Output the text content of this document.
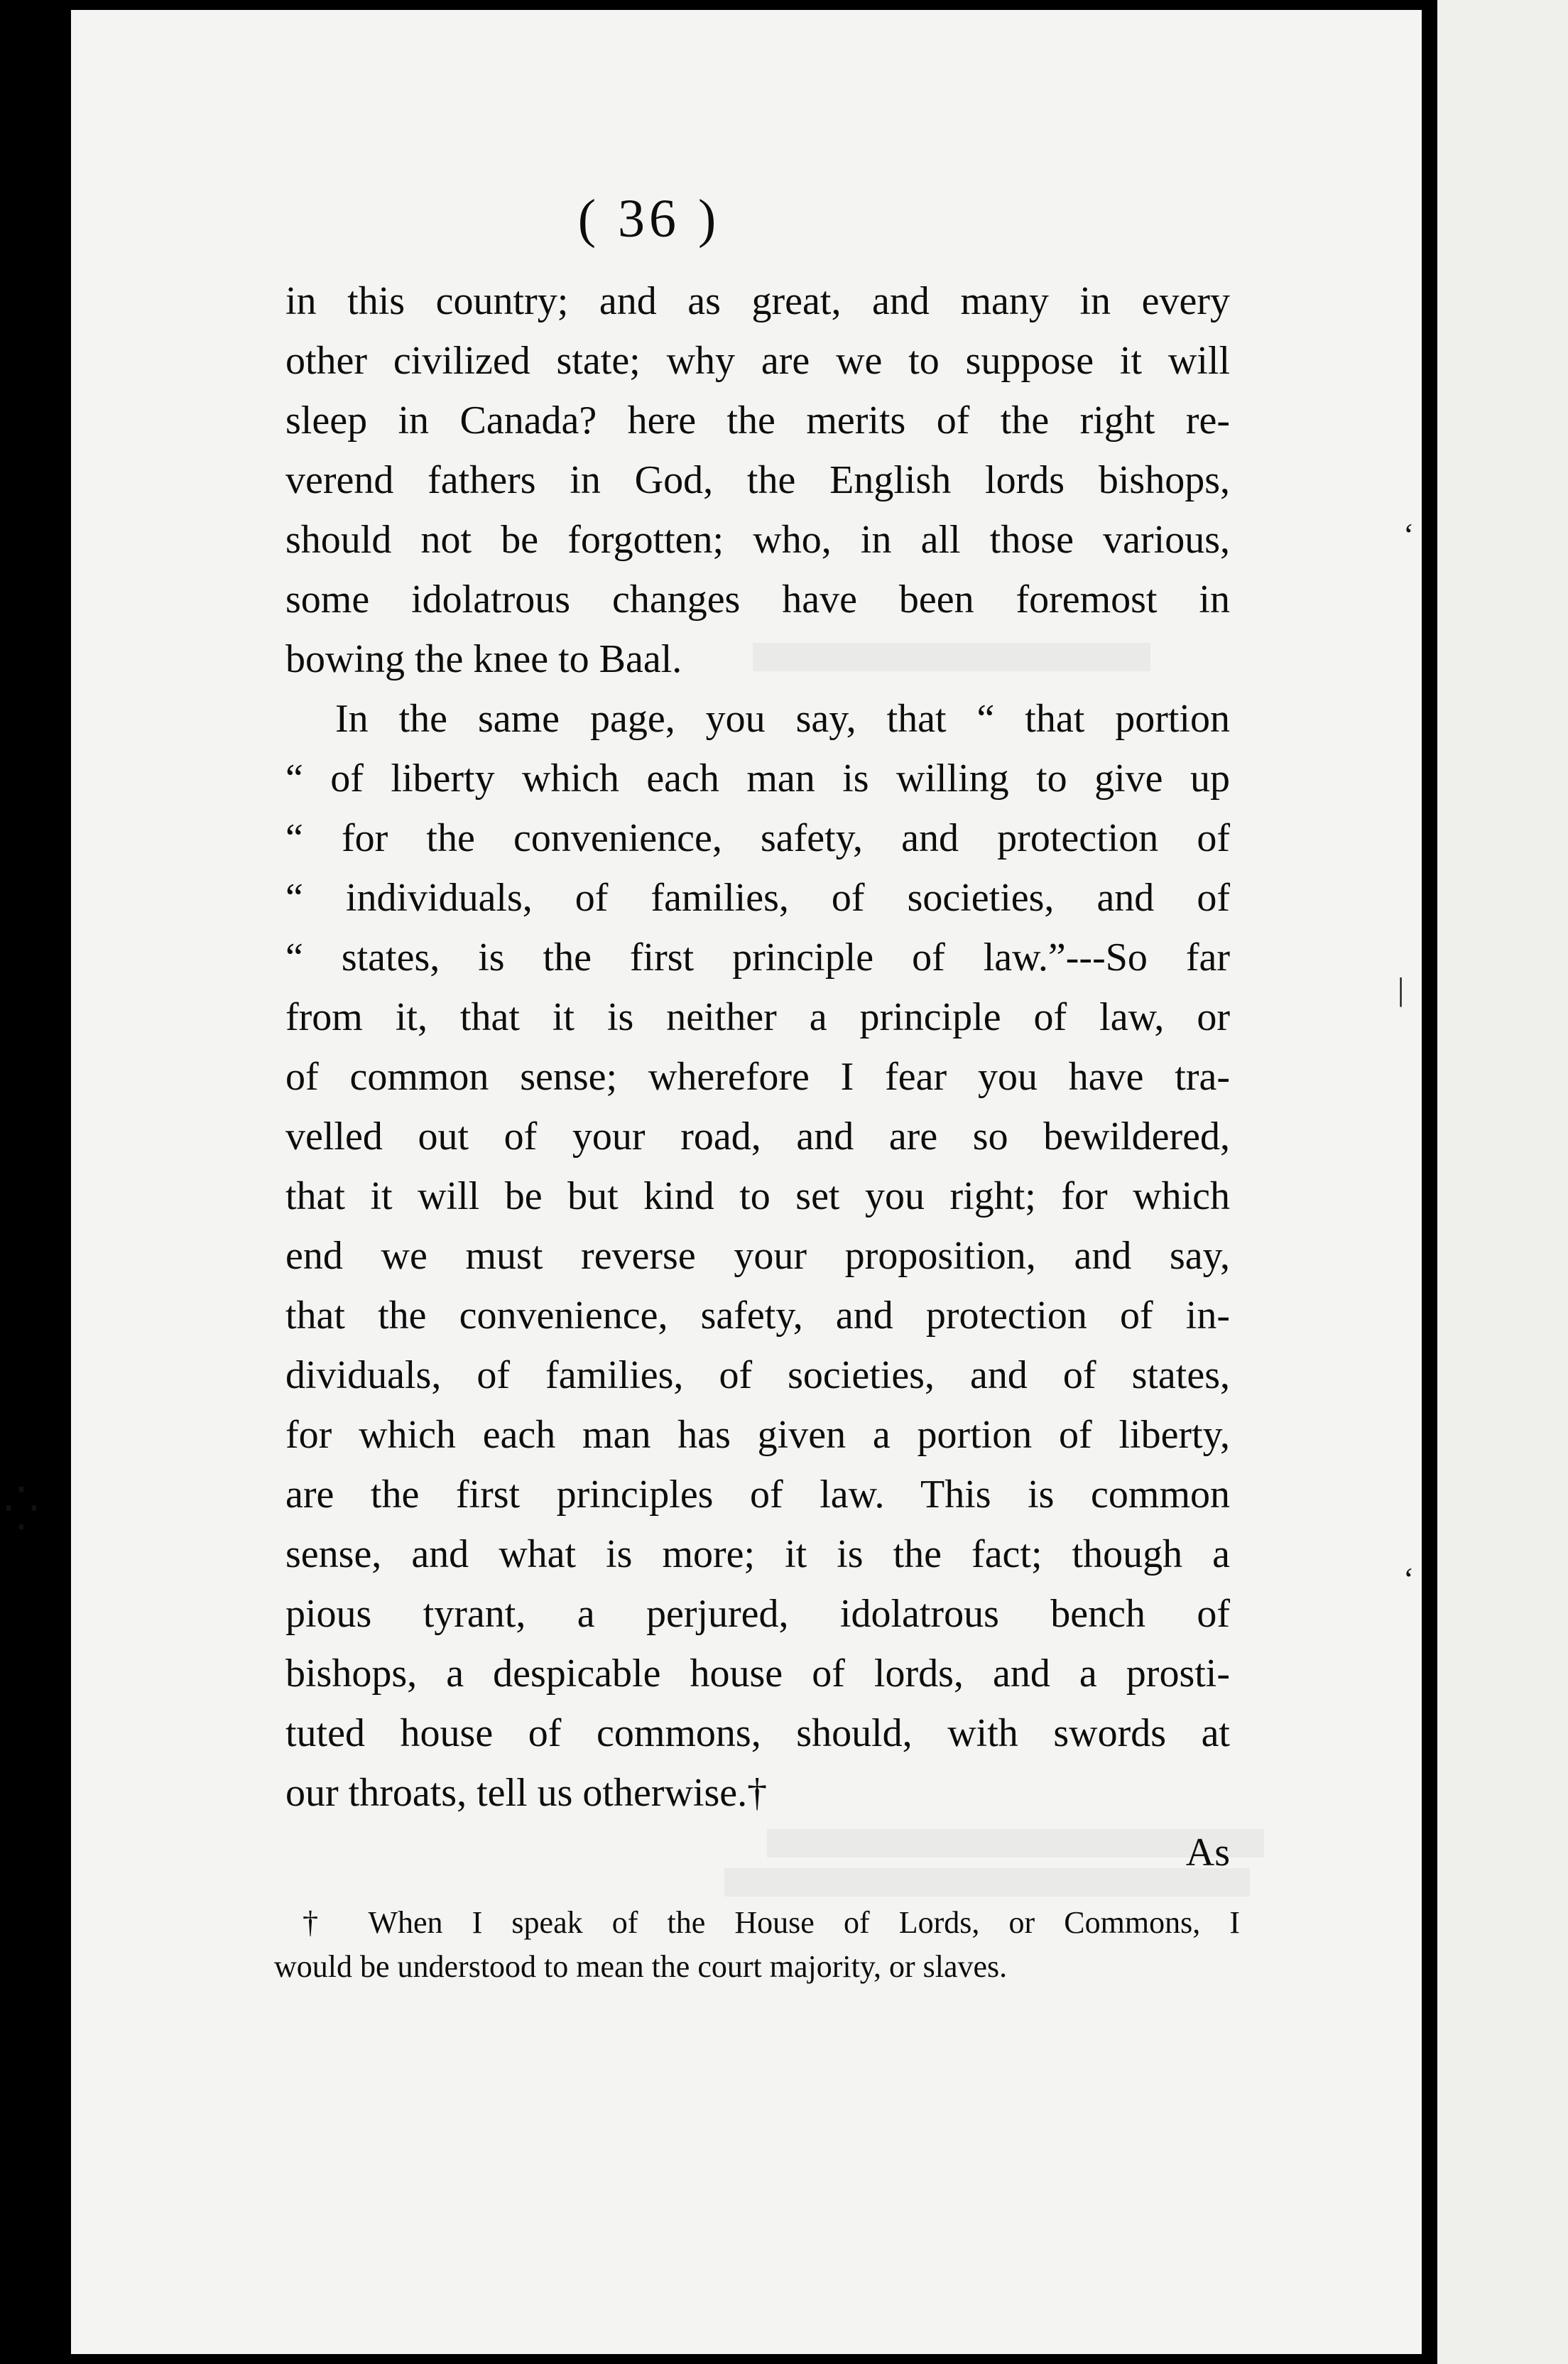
‘
|
‘
⁛
( 36 )
in this country; and as great, and many in every
other civilized state; why are we to suppose it will
sleep in Canada? here the merits of the right re-
verend fathers in God, the English lords bishops,
should not be forgotten; who, in all those various,
some idolatrous changes have been foremost in
bowing the knee to Baal.
In the same page, you say, that “ that portion
“ of liberty which each man is willing to give up
“ for the convenience, safety, and protection of
“ individuals, of families, of societies, and of
“ states, is the first principle of law.”---So far
from it, that it is neither a principle of law, or
of common sense; wherefore I fear you have tra-
velled out of your road, and are so bewildered,
that it will be but kind to set you right; for which
end we must reverse your proposition, and say,
that the convenience, safety, and protection of in-
dividuals, of families, of societies, and of states,
for which each man has given a portion of liberty,
are the first principles of law. This is common
sense, and what is more; it is the fact; though a
pious tyrant, a perjured, idolatrous bench of
bishops, a despicable house of lords, and a prosti-
tuted house of commons, should, with swords at
our throats, tell us otherwise.†
As
† When I speak of the House of Lords, or Commons, I
would be understood to mean the court majority, or slaves.
